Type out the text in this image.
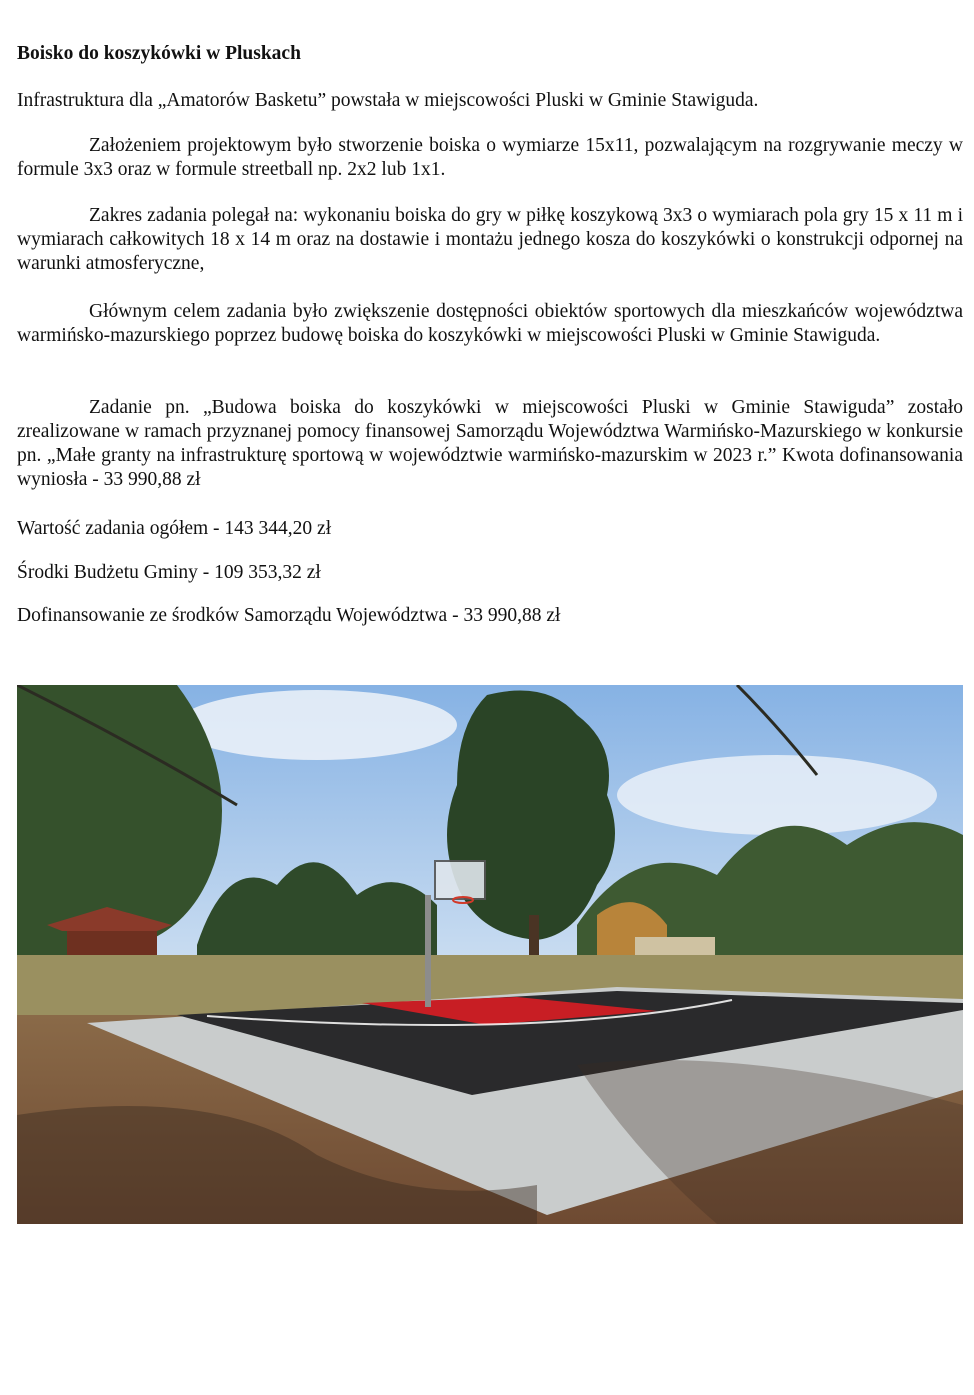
Boisko do koszykówki w Pluskach

Infrastruktura dla „Amatorów Basketu” powstała w miejscowości Pluski w Gminie Stawiguda.

Założeniem projektowym było stworzenie boiska o wymiarze 15x11, pozwalającym na rozgrywanie meczy w formule 3x3 oraz w formule streetball np. 2x2 lub 1x1.

Zakres zadania polegał na: wykonaniu boiska do gry w piłkę koszykową 3x3 o wymiarach pola gry 15 x 11 m i wymiarach całkowitych 18 x 14 m oraz na dostawie i montażu jednego kosza do koszykówki o konstrukcji odpornej na warunki atmosferyczne,

Głównym celem zadania było zwiększenie dostępności obiektów sportowych dla mieszkańców województwa warmińsko-mazurskiego poprzez budowę boiska do koszykówki w miejscowości Pluski w Gminie Stawiguda.

Zadanie pn. „Budowa boiska do koszykówki w miejscowości Pluski w Gminie Stawiguda” zostało zrealizowane w ramach przyznanej pomocy finansowej Samorządu Województwa Warmińsko-Mazurskiego w konkursie pn. „Małe granty na infrastrukturę sportową w województwie warmińsko-mazurskim w 2023 r.” Kwota dofinansowania wyniosła - 33 990,88 zł

Wartość zadania ogółem - 143 344,20 zł

Środki Budżetu Gminy - 109 353,32 zł

Dofinansowanie ze środków Samorządu Województwa - 33 990,88 zł
